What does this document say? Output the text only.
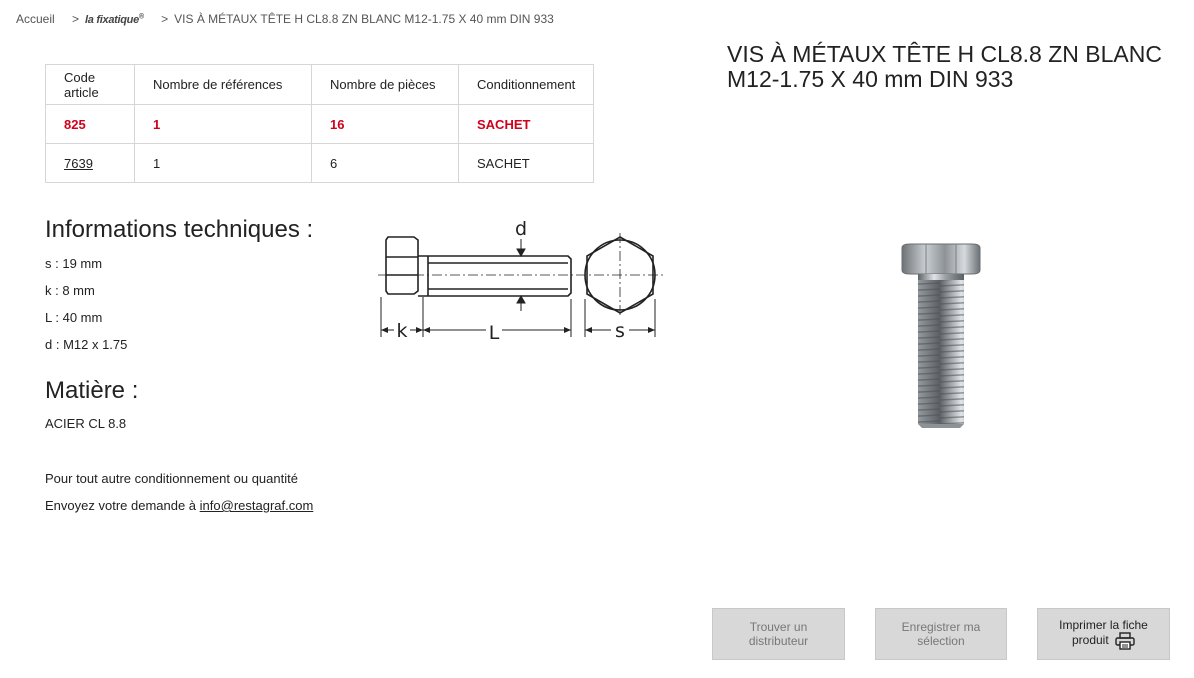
Accueil > la fixatique® > VIS À MÉTAUX TÊTE H CL8.8 ZN BLANC M12-1.75 X 40 mm DIN 933
Code article	Nombre de références	Nombre de pièces	Conditionnement
825	1	16	SACHET
7639	1	6	SACHET
Informations techniques :
s : 19 mm
k : 8 mm
L : 40 mm
d : M12 x 1.75
Matière :
ACIER CL 8.8
Pour tout autre conditionnement ou quantité
Envoyez votre demande à info@restagraf.com
d
k	L	s
VIS À MÉTAUX TÊTE H CL8.8 ZN BLANC
M12-1.75 X 40 mm DIN 933
Trouver un
distributeur
Enregistrer ma
sélection
Imprimer la fiche
produit
